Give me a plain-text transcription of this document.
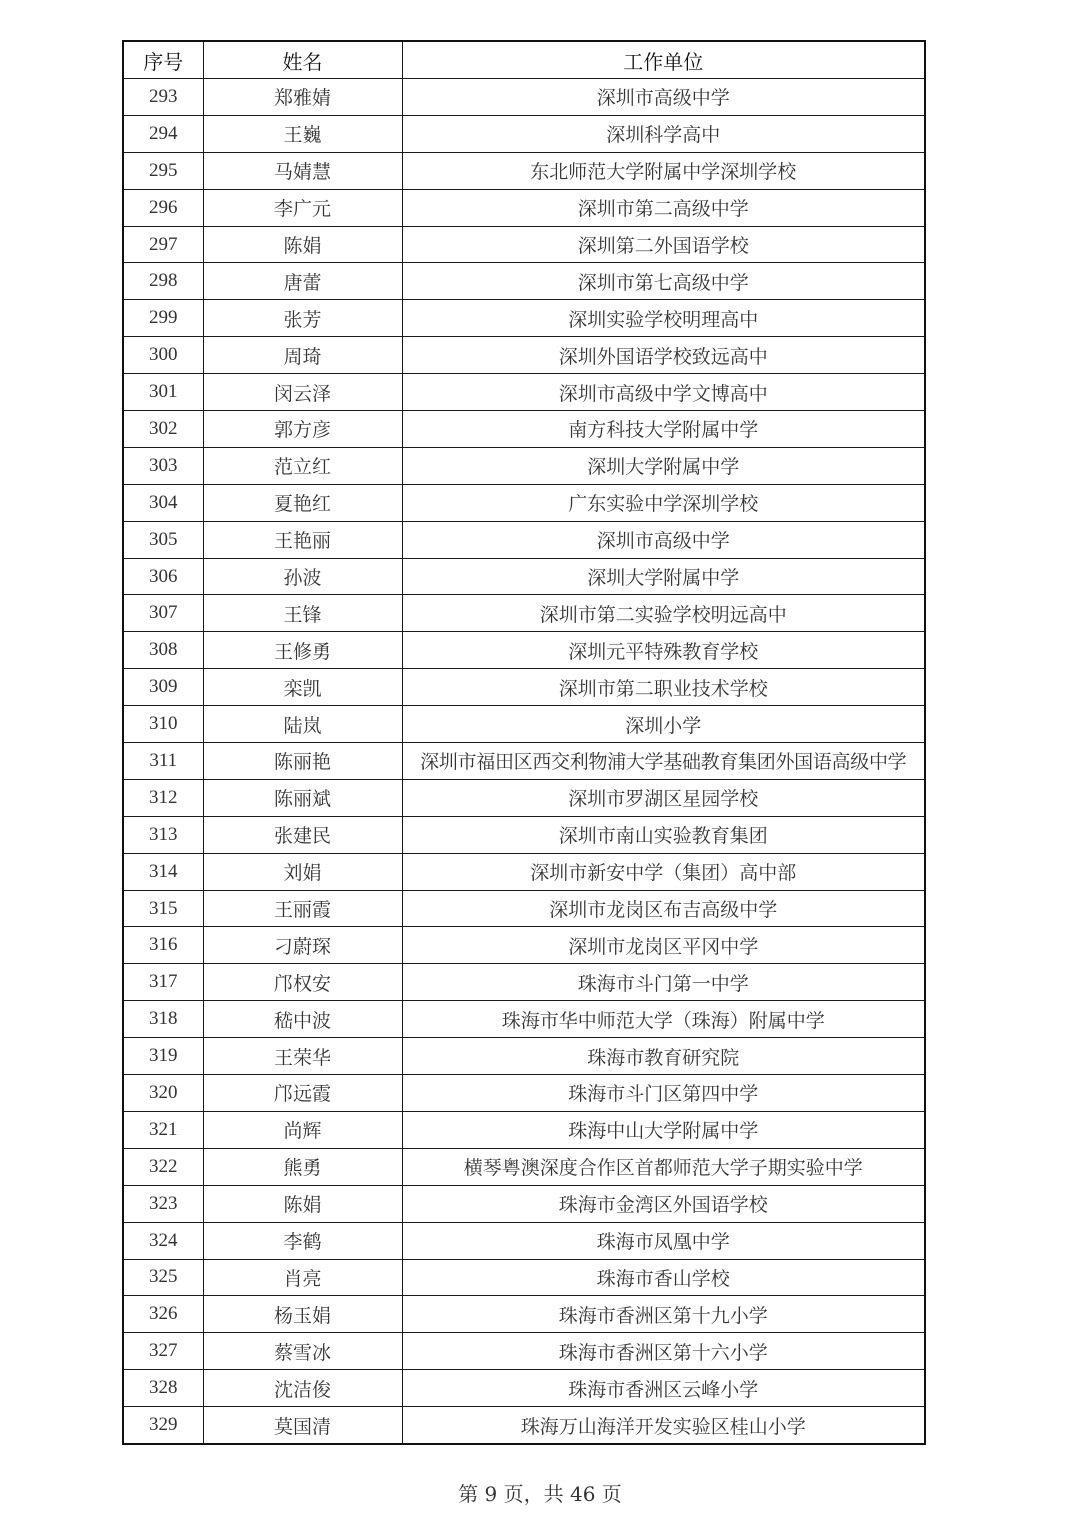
序号	姓名	工作单位
293	郑雅婧	深圳市高级中学
294	王巍	深圳科学高中
295	马婧慧	东北师范大学附属中学深圳学校
296	李广元	深圳市第二高级中学
297	陈娟	深圳第二外国语学校
298	唐蕾	深圳市第七高级中学
299	张芳	深圳实验学校明理高中
300	周琦	深圳外国语学校致远高中
301	闵云泽	深圳市高级中学文博高中
302	郭方彦	南方科技大学附属中学
303	范立红	深圳大学附属中学
304	夏艳红	广东实验中学深圳学校
305	王艳丽	深圳市高级中学
306	孙波	深圳大学附属中学
307	王锋	深圳市第二实验学校明远高中
308	王修勇	深圳元平特殊教育学校
309	栾凯	深圳市第二职业技术学校
310	陆岚	深圳小学
311	陈丽艳	深圳市福田区西交利物浦大学基础教育集团外国语高级中学
312	陈丽斌	深圳市罗湖区星园学校
313	张建民	深圳市南山实验教育集团
314	刘娟	深圳市新安中学（集团）高中部
315	王丽霞	深圳市龙岗区布吉高级中学
316	刁蔚琛	深圳市龙岗区平冈中学
317	邝权安	珠海市斗门第一中学
318	嵇中波	珠海市华中师范大学（珠海）附属中学
319	王荣华	珠海市教育研究院
320	邝远霞	珠海市斗门区第四中学
321	尚辉	珠海中山大学附属中学
322	熊勇	横琴粤澳深度合作区首都师范大学子期实验中学
323	陈娟	珠海市金湾区外国语学校
324	李鹤	珠海市凤凰中学
325	肖亮	珠海市香山学校
326	杨玉娟	珠海市香洲区第十九小学
327	蔡雪冰	珠海市香洲区第十六小学
328	沈洁俊	珠海市香洲区云峰小学
329	莫国清	珠海万山海洋开发实验区桂山小学
第 9 页，共 46 页
